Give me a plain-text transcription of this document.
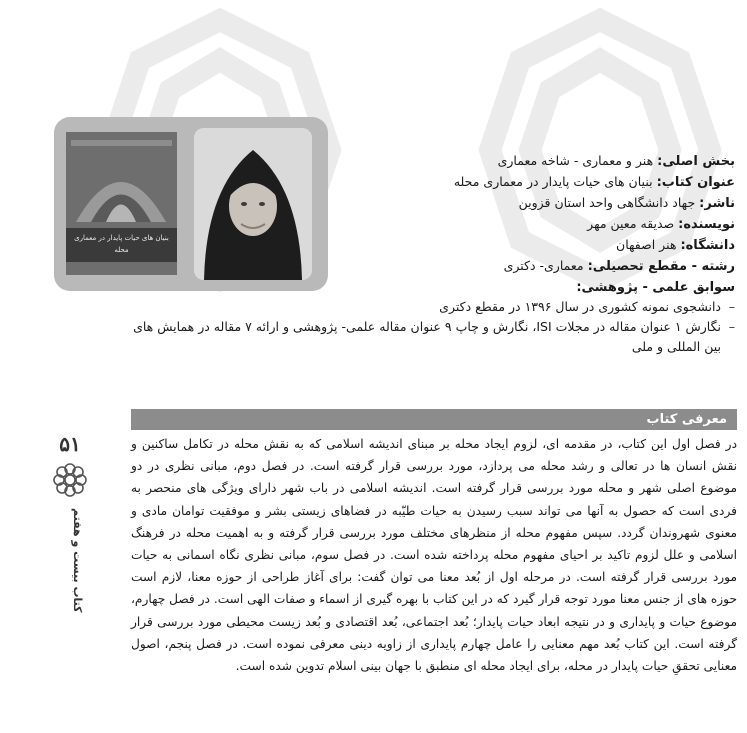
بنیان های حیات پایدار در معماری محله
بخش اصلی: هنر و معماری - شاخه معماری
عنوان کتاب: بنیان های حیات پایدار در معماری محله
ناشر: جهاد دانشگاهی واحد استان قزوین
نویسنده: صدیقه معین مهر
دانشگاه: هنر اصفهان
رشته - مقطع تحصیلی: معماری- دکتری
سوابق علمی - پژوهشی:
– دانشجوی نمونه کشوری در سال ۱۳۹۶ در مقطع دکتری
– نگارش ۱ عنوان مقاله در مجلات ISI، نگارش و چاپ ۹ عنوان مقاله علمی- پژوهشی و ارائه ۷ مقاله در همایش های بین المللی و ملی
معرفی کتاب
در فصل اول این کتاب، در مقدمه ای، لزوم ایجاد محله بر مبنای اندیشه اسلامی که به نقش محله در تکامل ساکنین و نقش انسان ها در تعالی و رشد محله می پردازد، مورد بررسی قرار گرفته است. در فصل دوم، مبانی نظری در دو موضوع اصلی شهر و محله مورد بررسی قرار گرفته است. اندیشه اسلامی در باب شهر دارای ویژگی های منحصر به فردی است که حصول به آنها می تواند سبب رسیدن به حیات طیّبه در فضاهای زیستی بشر و موفقیت توامان مادی و معنوی شهروندان گردد. سپس مفهوم محله از منظرهای مختلف مورد بررسی قرار گرفته و به اهمیت محله در فرهنگ اسلامی و علل لزوم تاکید بر احیای مفهوم محله پرداخته شده است. در فصل سوم، مبانی نظری نگاه اسمانی به حیات مورد بررسی قرار گرفته است. در مرحله اول از بُعد معنا می توان گفت: برای آغاز طراحی از حوزه معنا، لازم است حوزه های از جنس معنا مورد توجه قرار گیرد که در این کتاب با بهره گیری از اسماء و صفات الهی است. در فصل چهارم، موضوع حیات و پایداری و در نتیجه ابعاد حیات پایدار؛ بُعد اجتماعی، بُعد اقتصادی و بُعد زیست محیطی مورد بررسی قرار گرفته است. این کتاب بُعد مهم معنایی را عامل چهارم پایداری از زاویه دینی معرفی نموده است. در فصل پنجم، اصول معنایی تحققِ حیات پایدار در محله، برای ایجاد محله ای منطبق با جهان بینی اسلام تدوین شده است.
۵۱
کتاب بیست و هفتم
